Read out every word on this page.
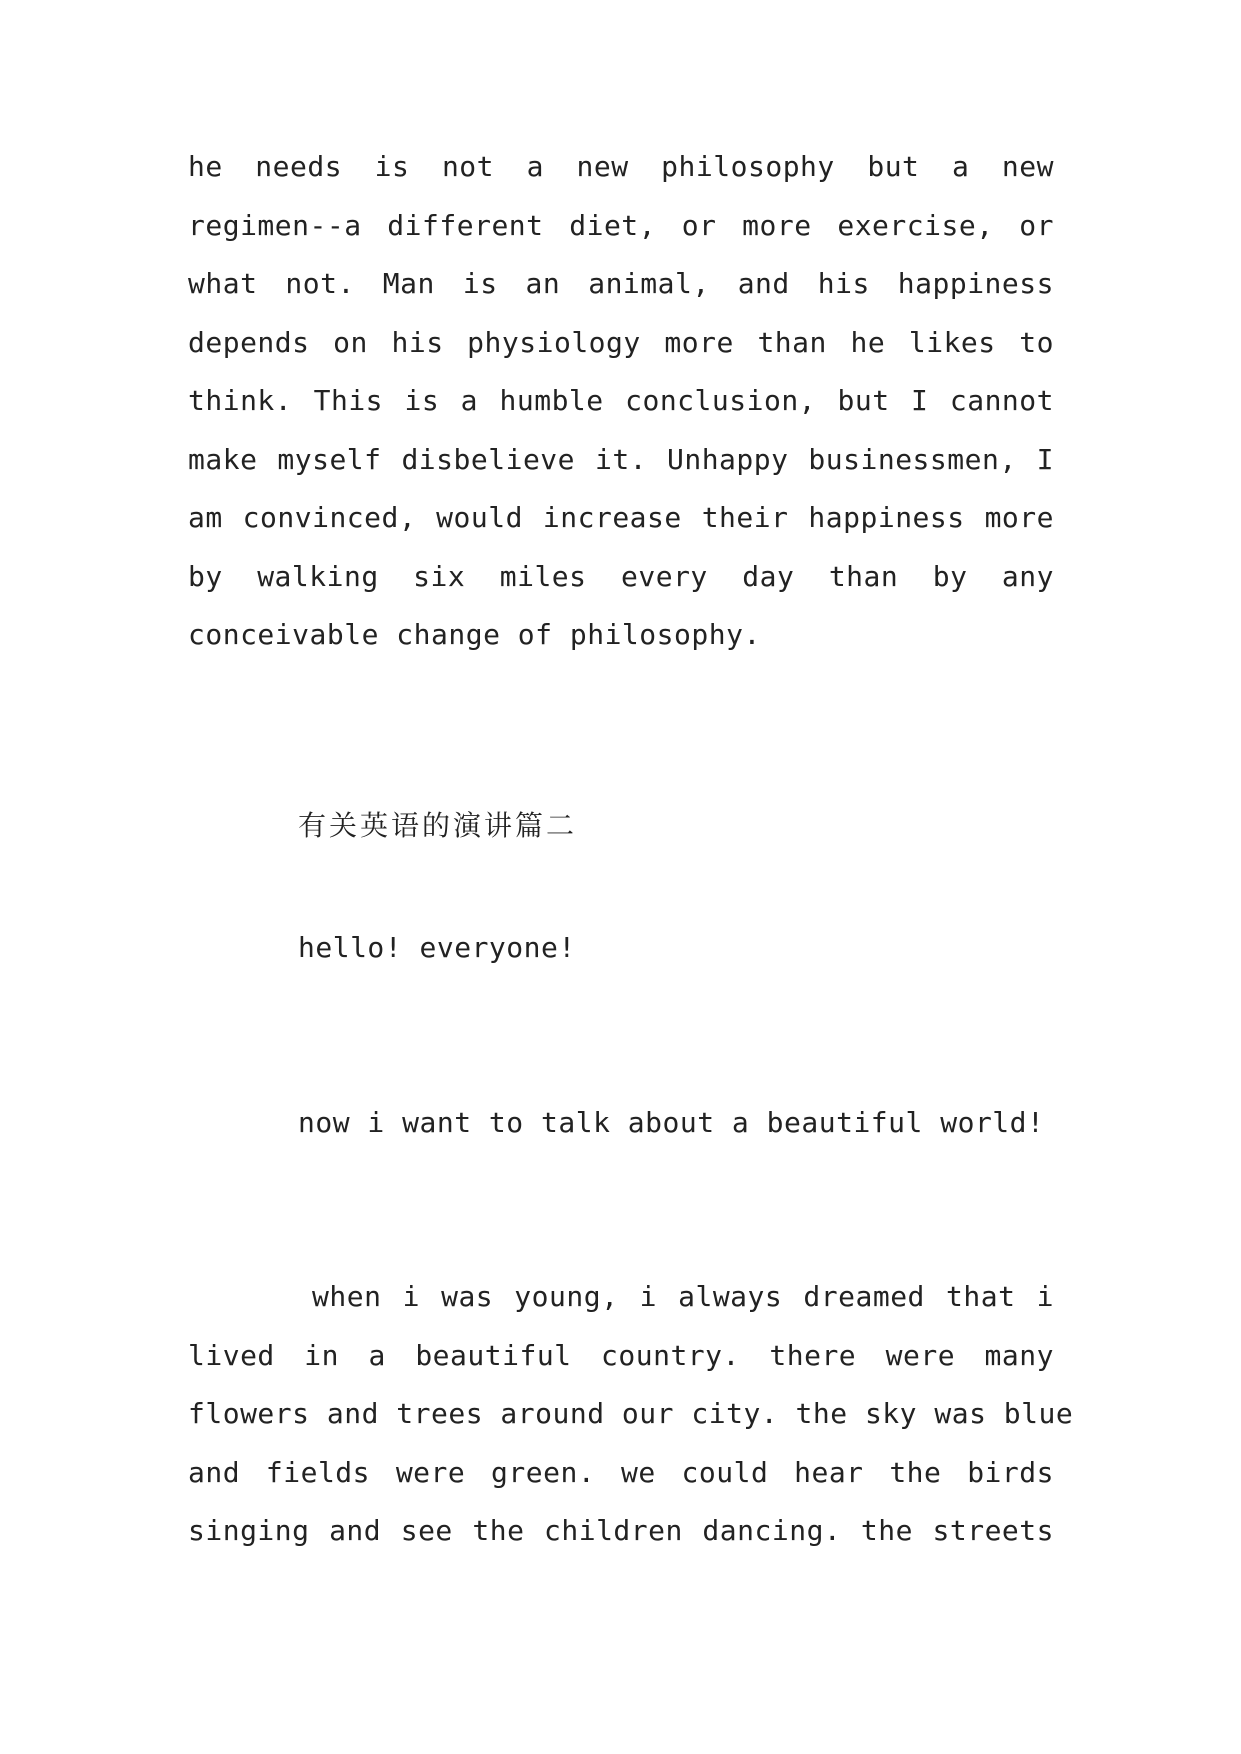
he needs is not a new philosophy but a new
regimen--a different diet, or more exercise, or
what not. Man is an animal, and his happiness
depends on his physiology more than he likes to
think. This is a humble conclusion, but I cannot
make myself disbelieve it. Unhappy businessmen, I
am convinced, would increase their happiness more
by walking six miles every day than by any
conceivable change of philosophy.
有关英语的演讲篇二
hello! everyone!
now i want to talk about a beautiful world!
when i was young, i always dreamed that i
lived in a beautiful country. there were many
flowers and trees around our city. the sky was blue
and fields were green. we could hear the birds
singing and see the children dancing. the streets
